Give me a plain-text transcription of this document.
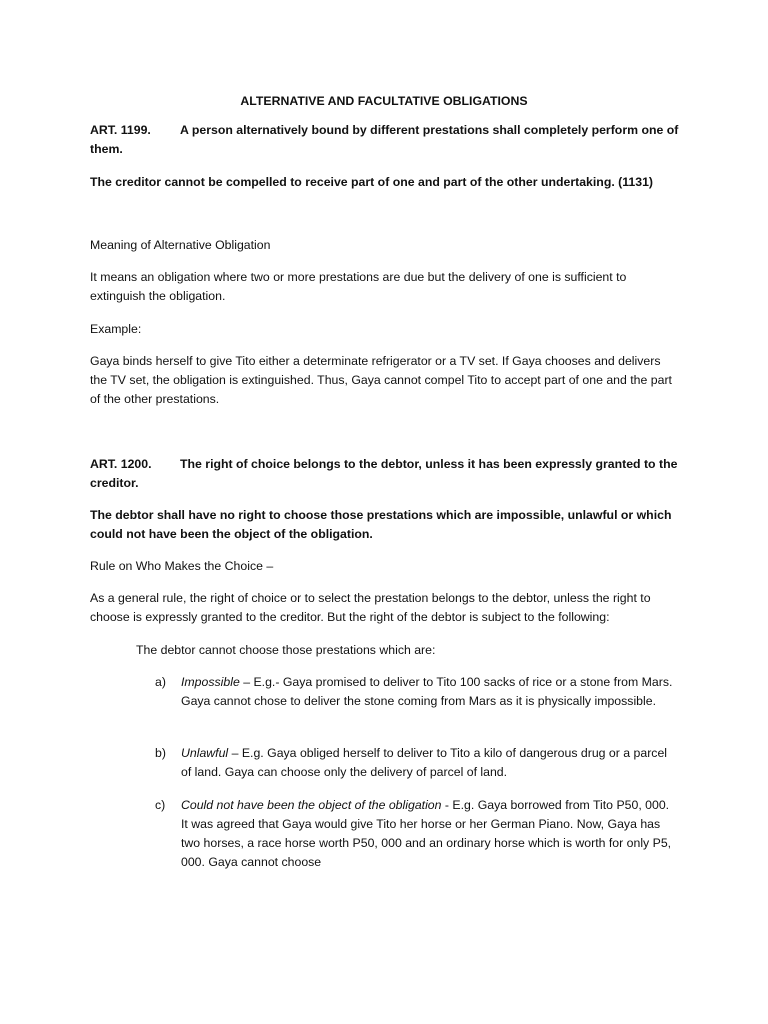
ALTERNATIVE AND FACULTATIVE OBLIGATIONS
ART. 1199.	A person alternatively bound by different prestations shall completely perform one of
them.

The creditor cannot be compelled to receive part of one and part of the other undertaking. (1131)

Meaning of Alternative Obligation

It means an obligation where two or more prestations are due but the delivery of one is sufficient to extinguish the obligation.

Example:

Gaya binds herself to give Tito either a determinate refrigerator or a TV set. If Gaya chooses and delivers the TV set, the obligation is extinguished. Thus, Gaya cannot compel Tito to accept part of one and the part of the other prestations.

ART. 1200.	The right of choice belongs to the debtor, unless it has been expressly granted to the
creditor.

The debtor shall have no right to choose those prestations which are impossible, unlawful or which could not have been the object of the obligation.

Rule on Who Makes the Choice –

As a general rule, the right of choice or to select the prestation belongs to the debtor, unless the right to choose is expressly granted to the creditor. But the right of the debtor is subject to the following:

The debtor cannot choose those prestations which are:

a)	Impossible – E.g.- Gaya promised to deliver to Tito 100 sacks of rice or a stone from Mars. Gaya cannot chose to deliver the stone coming from Mars as it is physically impossible.
b)	Unlawful – E.g. Gaya obliged herself to deliver to Tito a kilo of dangerous drug or a parcel of land. Gaya can choose only the delivery of parcel of land.
c)	Could not have been the object of the obligation - E.g. Gaya borrowed from Tito P50, 000. It was agreed that Gaya would give Tito her horse or her German Piano. Now, Gaya has two horses, a race horse worth P50, 000 and an ordinary horse which is worth for only P5, 000. Gaya cannot choose
